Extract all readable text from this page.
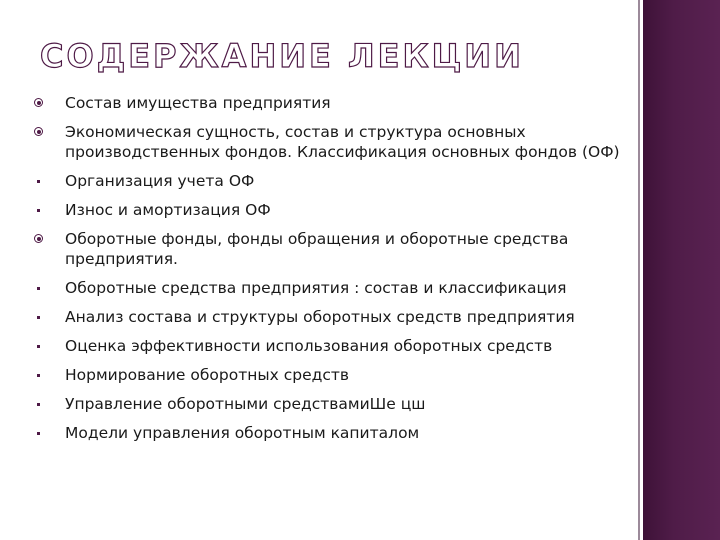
СОДЕРЖАНИЕ ЛЕКЦИИ
Состав имущества предприятия
Экономическая сущность, состав и структура основных производственных фондов. Классификация основных фондов (ОФ)
Организация учета ОФ
Износ и амортизация ОФ
Оборотные фонды, фонды обращения и оборотные средства предприятия.
Оборотные средства предприятия : состав и классификация
Анализ состава и структуры оборотных средств предприятия
Оценка эффективности использования оборотных средств
Нормирование оборотных средств
Управление оборотными средствамиШе цш
Модели управления оборотным капиталом
